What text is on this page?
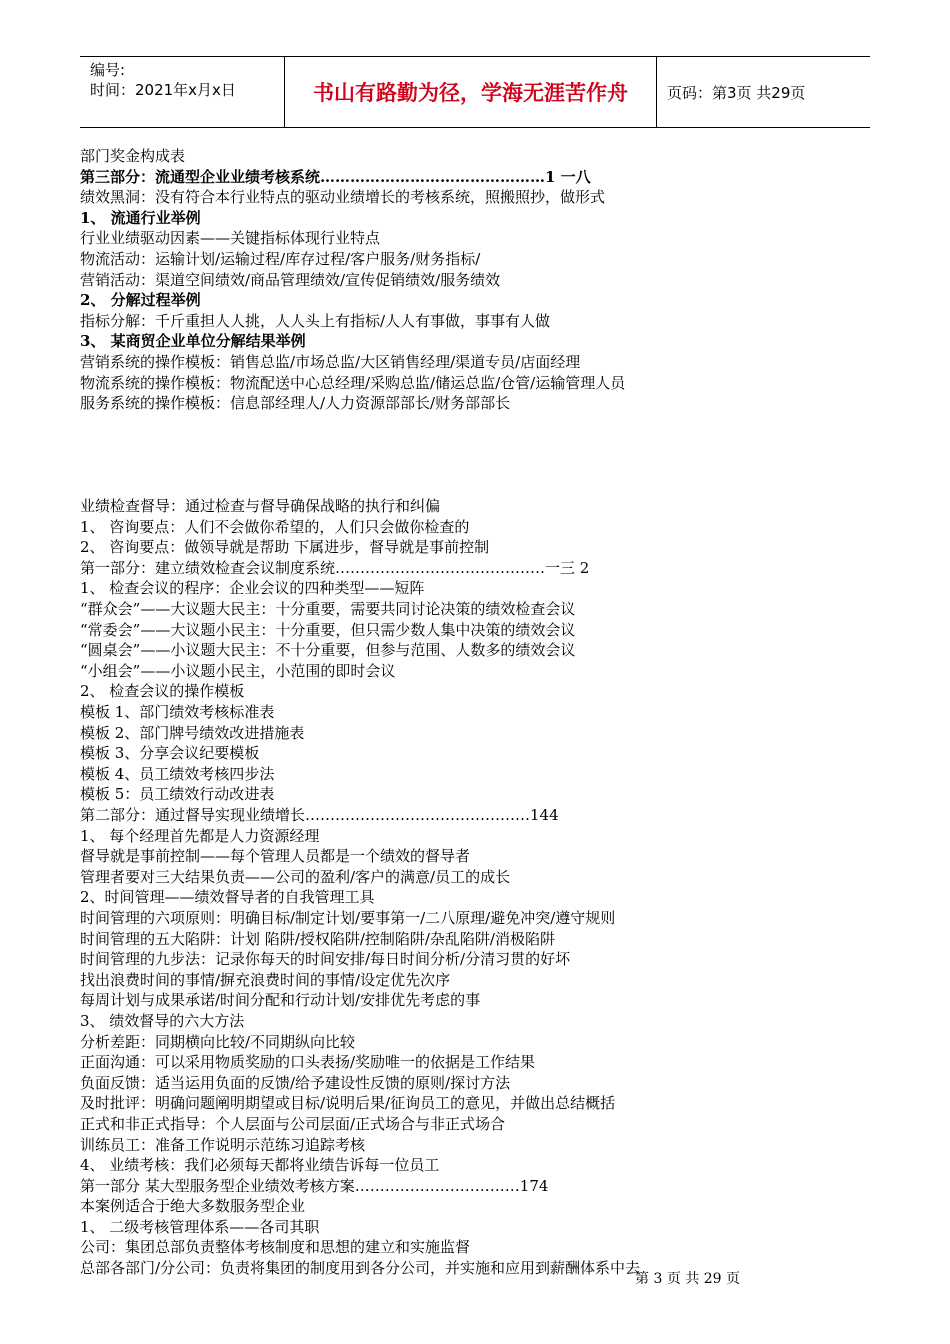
编号:
时间：2021年x月x日	书山有路勤为径，学海无涯苦作舟	页码：第3页 共29页
部门奖金构成表
第三部分：流通型企业业绩考核系统………………………………………1 一八
绩效黑洞：没有符合本行业特点的驱动业绩增长的考核系统，照搬照抄，做形式
1、 流通行业举例
行业业绩驱动因素——关键指标体现行业特点
物流活动：运输计划/运输过程/库存过程/客户服务/财务指标/
营销活动：渠道空间绩效/商品管理绩效/宣传促销绩效/服务绩效
2、 分解过程举例
指标分解：千斤重担人人挑，人人头上有指标/人人有事做，事事有人做
3、 某商贸企业单位分解结果举例
营销系统的操作模板：销售总监/市场总监/大区销售经理/渠道专员/店面经理
物流系统的操作模板：物流配送中心总经理/采购总监/储运总监/仓管/运输管理人员
服务系统的操作模板：信息部经理人/人力资源部部长/财务部部长
业绩检查督导：通过检查与督导确保战略的执行和纠偏
1、 咨询要点：人们不会做你希望的，人们只会做你检查的
2、 咨询要点：做领导就是帮助 下属进步，督导就是事前控制
第一部分：建立绩效检查会议制度系统……………………………………一三 2
1、 检查会议的程序：企业会议的四种类型——短阵
“群众会”——大议题大民主：十分重要，需要共同讨论决策的绩效检查会议
“常委会”——大议题小民主：十分重要，但只需少数人集中决策的绩效会议
“圆桌会”——小议题大民主：不十分重要，但参与范围、人数多的绩效会议
“小组会”——小议题小民主，小范围的即时会议
2、 检查会议的操作模板
模板 1、部门绩效考核标准表
模板 2、部门牌号绩效改进措施表
模板 3、分享会议纪要模板
模板 4、员工绩效考核四步法
模板 5：员工绩效行动改进表
第二部分：通过督导实现业绩增长………………………………………144
1、 每个经理首先都是人力资源经理
督导就是事前控制——每个管理人员都是一个绩效的督导者
管理者要对三大结果负责——公司的盈利/客户的满意/员工的成长
2、时间管理——绩效督导者的自我管理工具
时间管理的六项原则：明确目标/制定计划/要事第一/二八原理/避免冲突/遵守规则
时间管理的五大陷阱：计划 陷阱/授权陷阱/控制陷阱/杂乱陷阱/消极陷阱
时间管理的九步法：记录你每天的时间安排/每日时间分析/分清习贯的好坏
找出浪费时间的事情/摒充浪费时间的事情/设定优先次序
每周计划与成果承诺/时间分配和行动计划/安排优先考虑的事
3、 绩效督导的六大方法
分析差距：同期横向比较/不同期纵向比较
正面沟通：可以采用物质奖励的口头表扬/奖励唯一的依据是工作结果
负面反馈：适当运用负面的反馈/给予建设性反馈的原则/探讨方法
及时批评：明确问题阐明期望或目标/说明后果/征询员工的意见，并做出总结概括
正式和非正式指导：个人层面与公司层面/正式场合与非正式场合
训练员工：准备工作说明示范练习追踪考核
4、 业绩考核：我们必须每天都将业绩告诉每一位员工
第一部分 某大型服务型企业绩效考核方案……………………………174
本案例适合于绝大多数服务型企业
1、 二级考核管理体系——各司其职
公司：集团总部负责整体考核制度和思想的建立和实施监督
总部各部门/分公司：负责将集团的制度用到各分公司，并实施和应用到薪酬体系中去
第 3 页 共 29 页
